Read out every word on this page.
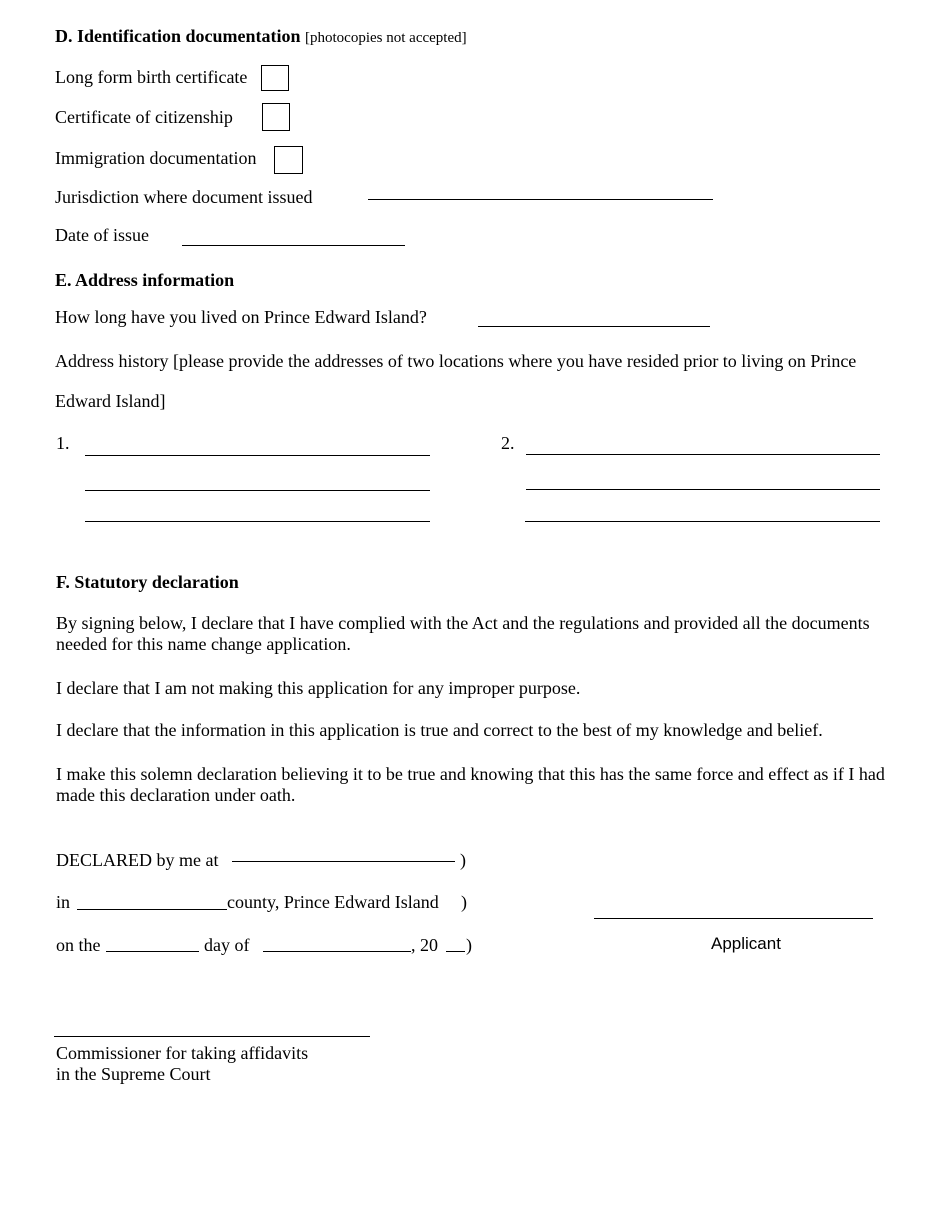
D. Identification documentation [photocopies not accepted]
Long form birth certificate
Certificate of citizenship
Immigration documentation
Jurisdiction where document issued
Date of issue
E. Address information
How long have you lived on Prince Edward Island?
Address history [please provide the addresses of two locations where you have resided prior to living on Prince
Edward Island]
1.	2.
F. Statutory declaration
By signing below, I declare that I have complied with the Act and the regulations and provided all the documents needed for this name change application.
I declare that I am not making this application for any improper purpose.
I declare that the information in this application is true and correct to the best of my knowledge and belief.
I make this solemn declaration believing it to be true and knowing that this has the same force and effect as if I had made this declaration under oath.
DECLARED by me at	)
in	county, Prince Edward Island )
on the	day of	, 20 )	Applicant
Commissioner for taking affidavits
in the Supreme Court
